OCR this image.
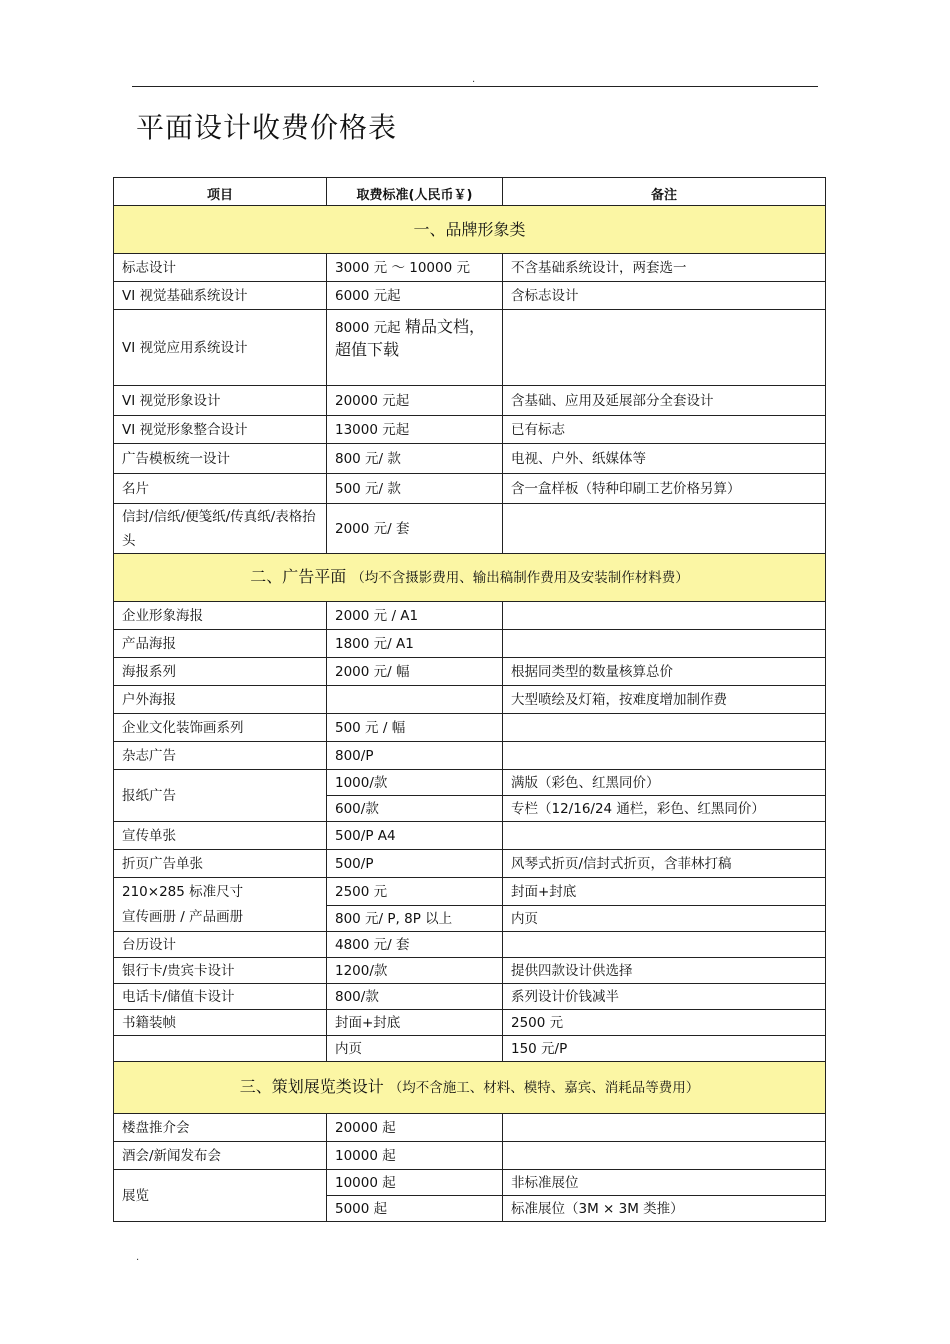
.
平面设计收费价格表
项目	取费标准(人民币￥)	备注
一、品牌形象类		
标志设计	3000 元 ～ 10000 元	不含基础系统设计，两套选一
VI 视觉基础系统设计	6000 元起	含标志设计
VI 视觉应用系统设计	8000 元起 精品文档，
超值下载	
VI 视觉形象设计	20000 元起	含基础、应用及延展部分全套设计
VI 视觉形象整合设计	13000 元起	已有标志
广告模板统一设计	800 元/ 款	电视、户外、纸媒体等
名片	500 元/ 款	含一盒样板（特种印刷工艺价格另算）
信封/信纸/便笺纸/传真纸/表格抬头	2000 元/ 套	
二、广告平面 （均不含摄影费用、输出稿制作费用及安装制作材料费）		
企业形象海报	2000 元 / A1	
产品海报	1800 元/ A1	
海报系列	2000 元/ 幅	根据同类型的数量核算总价
户外海报		大型喷绘及灯箱，按难度增加制作费
企业文化装饰画系列	500 元 / 幅	
杂志广告	800/P	
报纸广告	1000/款	满版（彩色、红黑同价）
	600/款	专栏（12/16/24 通栏，彩色、红黑同价）
宣传单张	500/P A4	
折页广告单张	500/P	风琴式折页/信封式折页，含菲林打稿
210×285 标准尺寸
宣传画册 / 产品画册	2500 元	封面+封底
	800 元/ P, 8P 以上	内页
台历设计	4800 元/ 套	
银行卡/贵宾卡设计	1200/款	提供四款设计供选择
电话卡/储值卡设计	800/款	系列设计价钱减半
书籍装帧	封面+封底	2500 元
	内页	150 元/P
三、策划展览类设计 （均不含施工、材料、模特、嘉宾、消耗品等费用）		
楼盘推介会	20000 起	
酒会/新闻发布会	10000 起	
展览	10000 起	非标准展位
	5000 起	标准展位（3M × 3M 类推）
.
